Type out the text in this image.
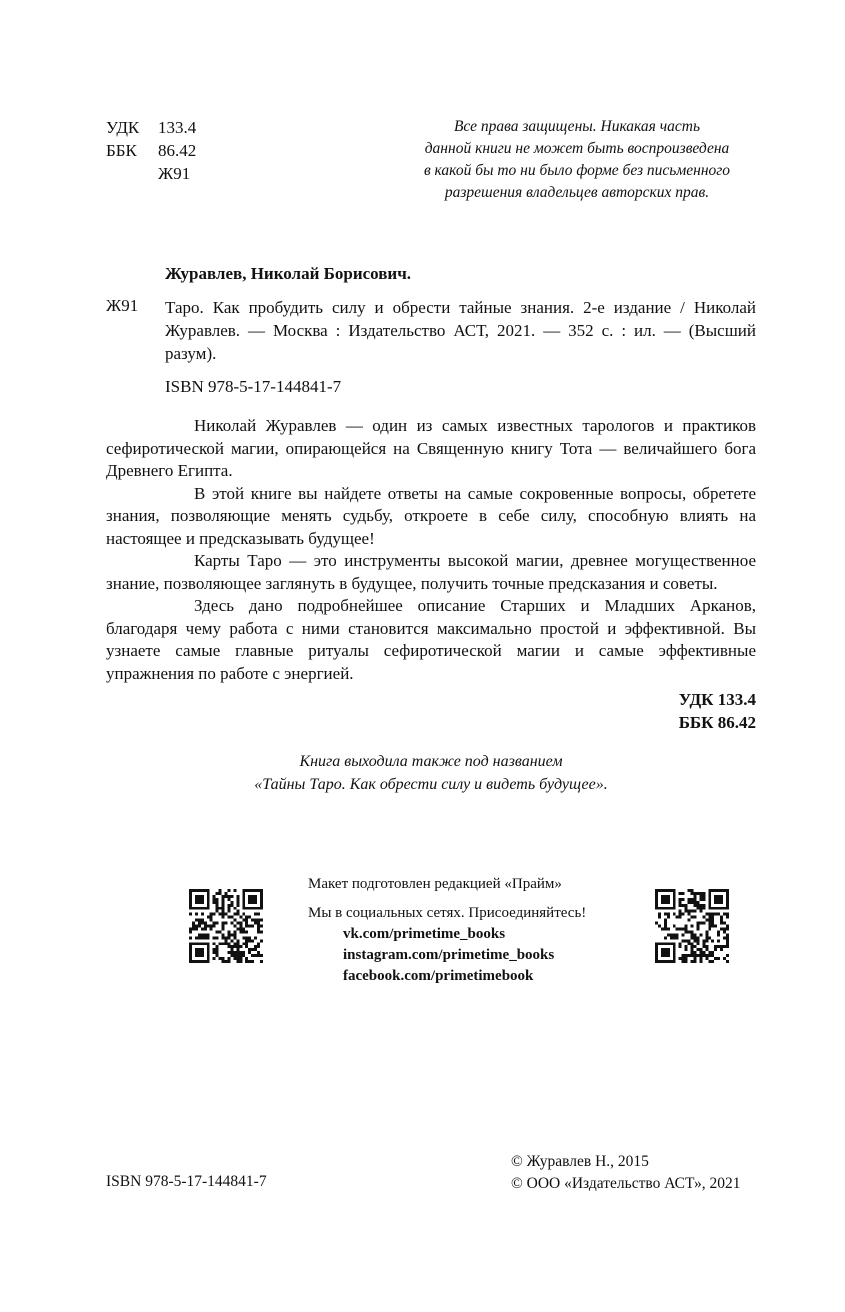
УДК	133.4
ББК	86.42
Ж91
Все права защищены. Никакая часть
данной книги не может быть воспроизведена
в какой бы то ни было форме без письменного
разрешения владельцев авторских прав.
Журавлев, Николай Борисович.
Ж91 Таро. Как пробудить силу и обрести тайные знания. 2-е издание / Николай Журавлев. — Москва : Издательство АСТ, 2021. — 352 с. : ил. — (Высший разум).
ISBN 978-5-17-144841-7

Николай Журавлев — один из самых известных тарологов и практиков сефиротической магии, опирающейся на Священную книгу Тота — величайшего бога Древнего Египта.

В этой книге вы найдете ответы на самые сокровенные вопросы, обретете знания, позволяющие менять судьбу, откроете в себе силу, способную влиять на настоящее и предсказывать будущее!

Карты Таро — это инструменты высокой магии, древнее могущественное знание, позволяющее заглянуть в будущее, получить точные предсказания и советы.

Здесь дано подробнейшее описание Старших и Младших Арканов, благодаря чему работа с ними становится максимально простой и эффективной. Вы узнаете самые главные ритуалы сефиротической магии и самые эффективные упражнения по работе с энергией.

УДК 133.4
ББК 86.42
Книга выходила также под названием
«Тайны Таро. Как обрести силу и видеть будущее».
Макет подготовлен редакцией «Прайм»
Мы в социальных сетях. Присоединяйтесь!
vk.com/primetime_books
instagram.com/primetime_books
facebook.com/primetimebook
© Журавлев Н., 2015
© ООО «Издательство АСТ», 2021
ISBN 978-5-17-144841-7
